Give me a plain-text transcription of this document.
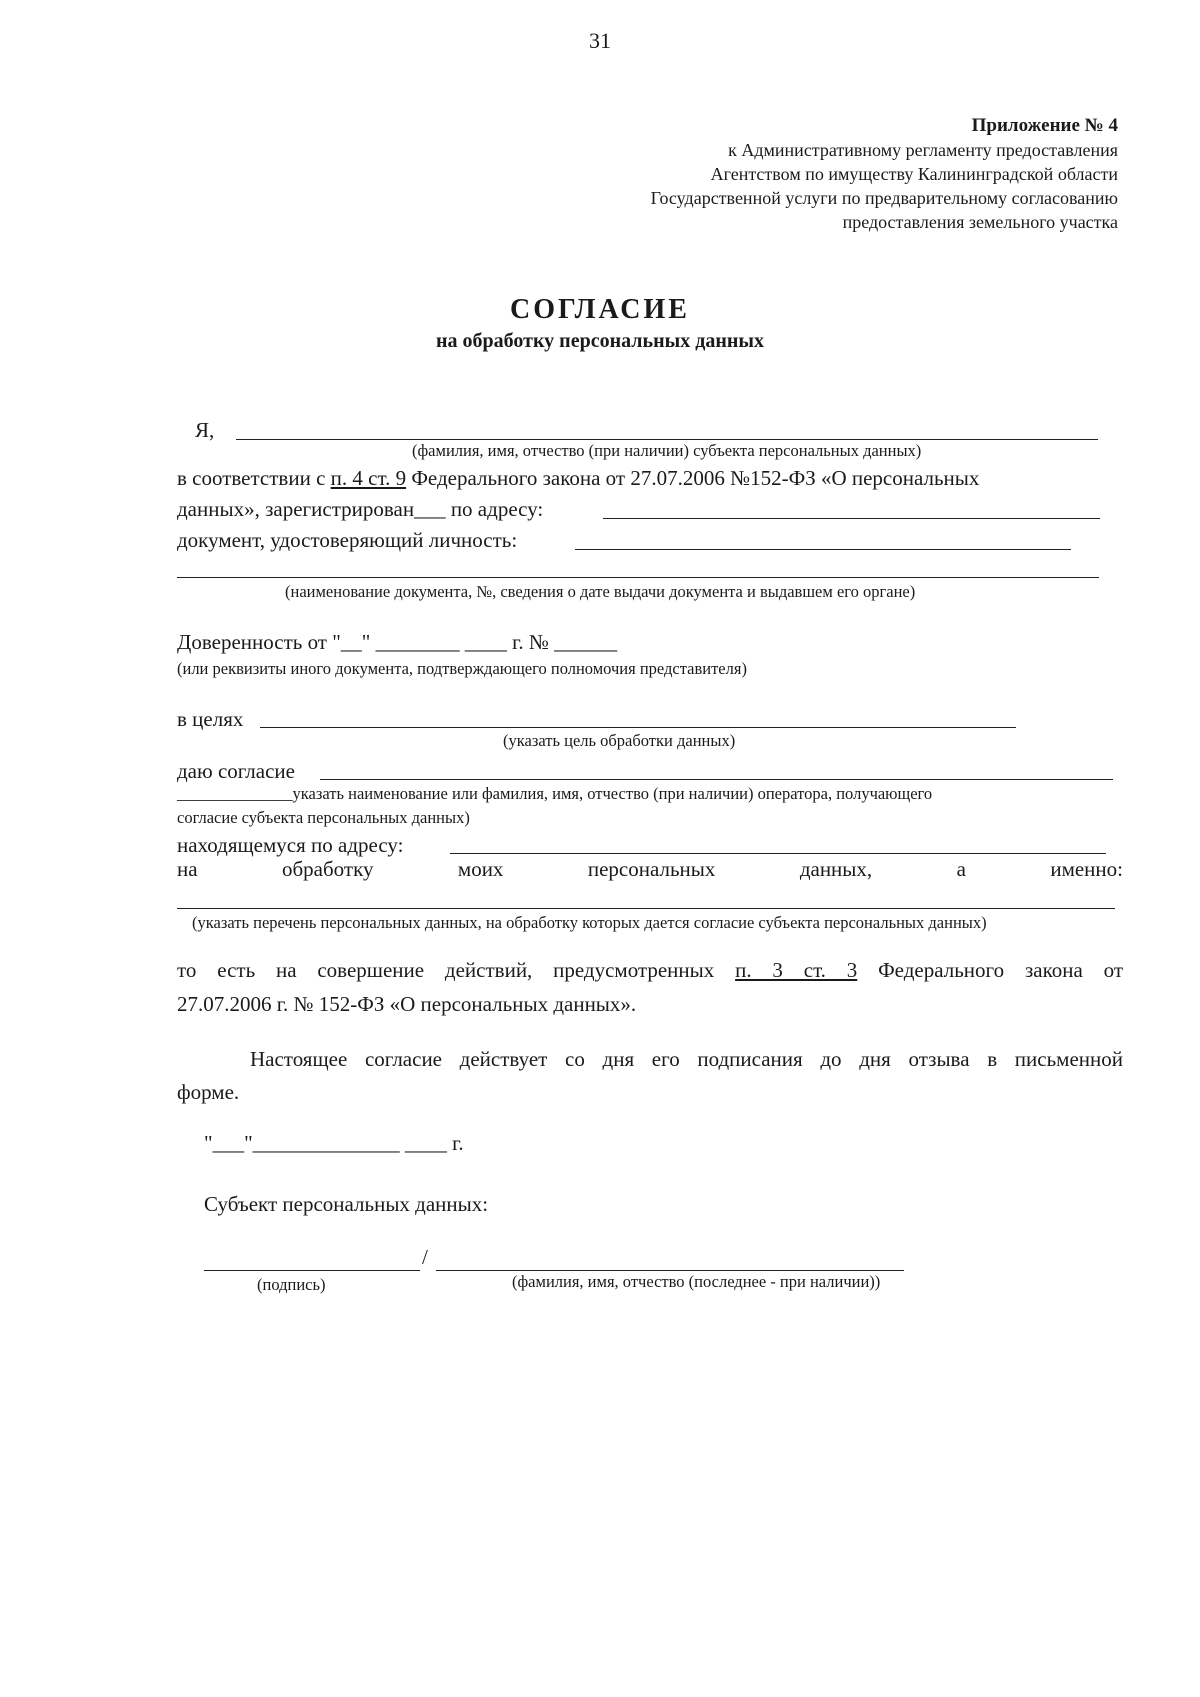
31
Приложение № 4
к Административному регламенту предоставления
Агентством по имуществу Калининградской области
Государственной услуги по предварительному согласованию
предоставления земельного участка
СОГЛАСИЕ
на обработку персональных данных
Я,
(фамилия, имя, отчество (при наличии) субъекта персональных данных)
в соответствии с п. 4 ст. 9 Федерального закона от 27.07.2006 №152-ФЗ «О персональных
данных», зарегистрирован___ по адресу:
документ, удостоверяющий личность:
(наименование документа, №, сведения о дате выдачи документа и выдавшем его органе)
Доверенность от "__" ________ ____ г. № ______
(или реквизиты иного документа, подтверждающего полномочия представителя)
в целях
(указать цель обработки данных)
даю согласие
______________указать наименование или фамилия, имя, отчество (при наличии) оператора, получающего
согласие субъекта персональных данных)
находящемуся по адресу:
на	обработку	моих	персональных	данных,	а	именно:
(указать перечень персональных данных, на обработку которых дается согласие субъекта персональных данных)
то есть на совершение действий, предусмотренных п. 3 ст. 3 Федерального закона от
27.07.2006 г. № 152-ФЗ «О персональных данных».
Настоящее согласие действует со дня его подписания до дня отзыва в письменной
форме.
"___"______________ ____ г.
Субъект персональных данных:
/
(подпись)	(фамилия, имя, отчество (последнее - при наличии))
